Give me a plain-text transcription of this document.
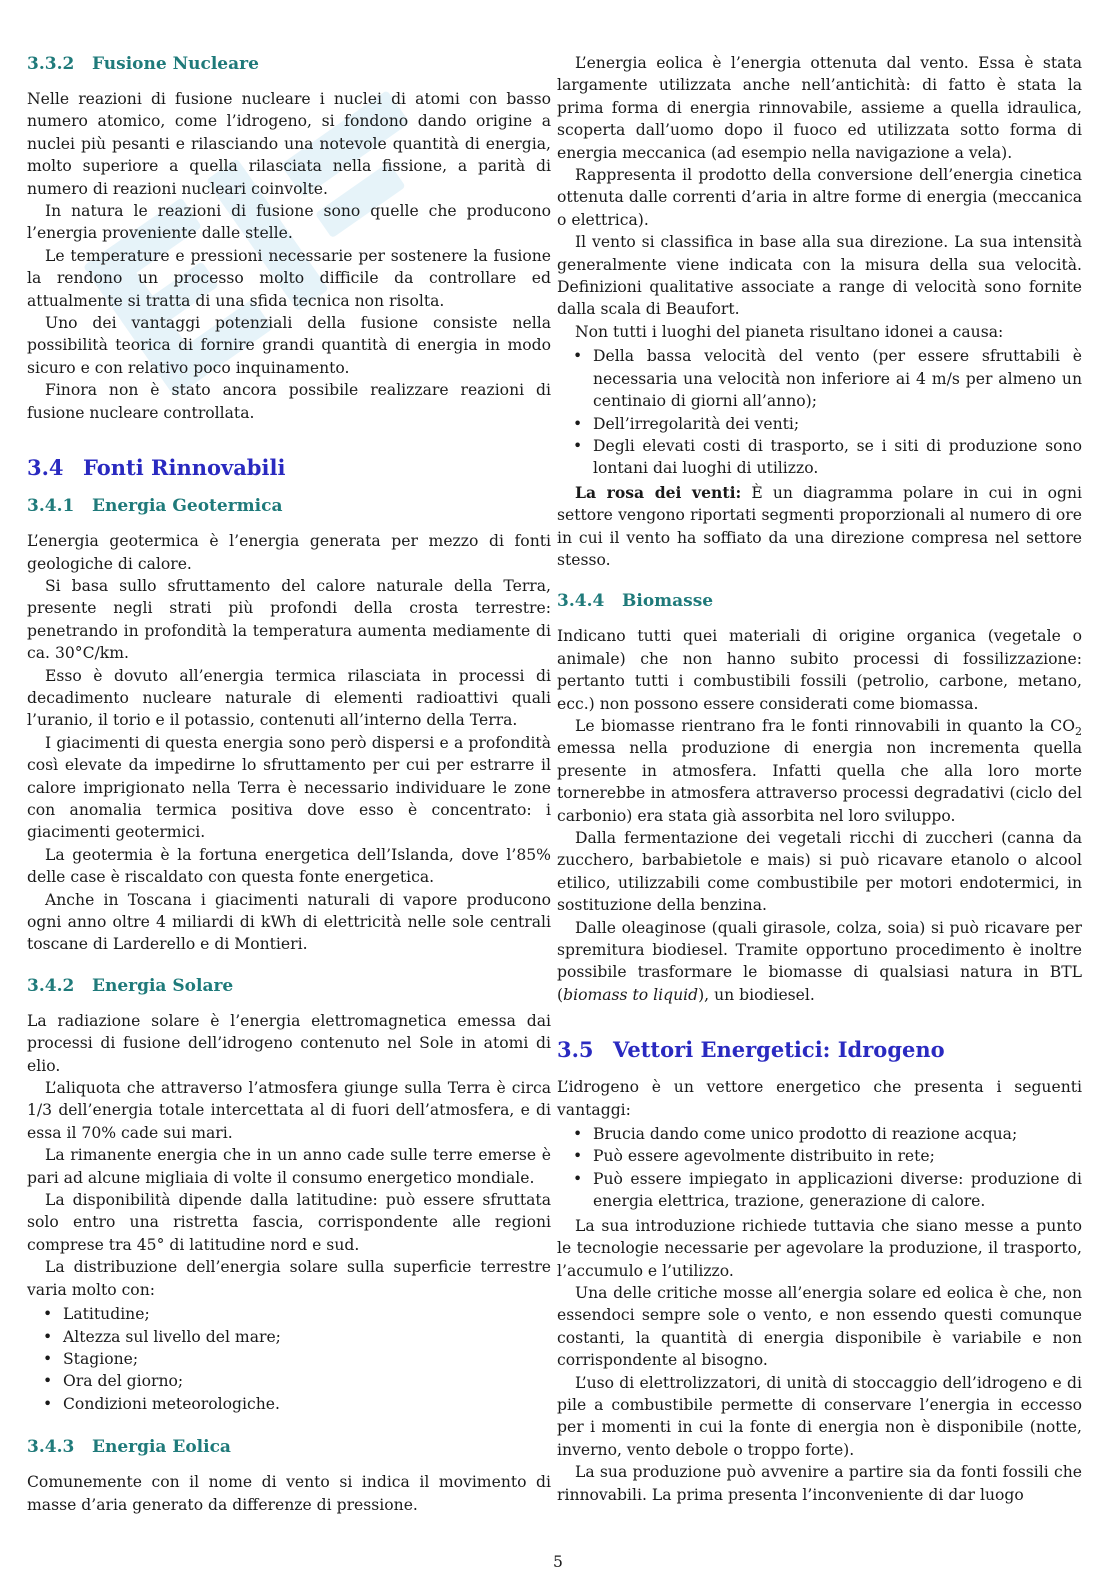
3.3.2 Fusione Nucleare

Nelle reazioni di fusione nucleare i nuclei di atomi con basso numero atomico, come l’idrogeno, si fondono dando origine a nuclei più pesanti e rilasciando una notevole quantità di energia, molto superiore a quella rilasciata nella fissione, a parità di numero di reazioni nucleari coinvolte.

In natura le reazioni di fusione sono quelle che producono l’energia proveniente dalle stelle.

Le temperature e pressioni necessarie per sostenere la fusione la rendono un processo molto difficile da controllare ed attualmente si tratta di una sfida tecnica non risolta.

Uno dei vantaggi potenziali della fusione consiste nella possibilità teorica di fornire grandi quantità di energia in modo sicuro e con relativo poco inquinamento.

Finora non è stato ancora possibile realizzare reazioni di fusione nucleare controllata.

3.4 Fonti Rinnovabili
3.4.1 Energia Geotermica

L’energia geotermica è l’energia generata per mezzo di fonti geologiche di calore.

Si basa sullo sfruttamento del calore naturale della Terra, presente negli strati più profondi della crosta terrestre: penetrando in profondità la temperatura aumenta mediamente di ca. 30°C/km.

Esso è dovuto all’energia termica rilasciata in processi di decadimento nucleare naturale di elementi radioattivi quali l’uranio, il torio e il potassio, contenuti all’interno della Terra.

I giacimenti di questa energia sono però dispersi e a profondità così elevate da impedirne lo sfruttamento per cui per estrarre il calore imprigionato nella Terra è necessario individuare le zone con anomalia termica positiva dove esso è concentrato: i giacimenti geotermici.

La geotermia è la fortuna energetica dell’Islanda, dove l’85% delle case è riscaldato con questa fonte energetica.

Anche in Toscana i giacimenti naturali di vapore producono ogni anno oltre 4 miliardi di kWh di elettricità nelle sole centrali toscane di Larderello e di Montieri.

3.4.2 Energia Solare

La radiazione solare è l’energia elettromagnetica emessa dai processi di fusione dell’idrogeno contenuto nel Sole in atomi di elio.

L’aliquota che attraverso l’atmosfera giunge sulla Terra è circa 1/3 dell’energia totale intercettata al di fuori dell’atmosfera, e di essa il 70% cade sui mari.

La rimanente energia che in un anno cade sulle terre emerse è pari ad alcune migliaia di volte il consumo energetico mondiale.

La disponibilità dipende dalla latitudine: può essere sfruttata solo entro una ristretta fascia, corrispondente alle regioni comprese tra 45° di latitudine nord e sud.

La distribuzione dell’energia solare sulla superficie terrestre varia molto con:

• Latitudine;
• Altezza sul livello del mare;
• Stagione;
• Ora del giorno;
• Condizioni meteorologiche.
3.4.3 Energia Eolica

Comunemente con il nome di vento si indica il movimento di masse d’aria generato da differenze di pressione.

L’energia eolica è l’energia ottenuta dal vento. Essa è stata largamente utilizzata anche nell’antichità: di fatto è stata la prima forma di energia rinnovabile, assieme a quella idraulica, scoperta dall’uomo dopo il fuoco ed utilizzata sotto forma di energia meccanica (ad esempio nella navigazione a vela).

Rappresenta il prodotto della conversione dell’energia cinetica ottenuta dalle correnti d’aria in altre forme di energia (meccanica o elettrica).

Il vento si classifica in base alla sua direzione. La sua intensità generalmente viene indicata con la misura della sua velocità. Definizioni qualitative associate a range di velocità sono fornite dalla scala di Beaufort.

Non tutti i luoghi del pianeta risultano idonei a causa:

• Della bassa velocità del vento (per essere sfruttabili è necessaria una velocità non inferiore ai 4 m/s per almeno un centinaio di giorni all’anno);
• Dell’irregolarità dei venti;
• Degli elevati costi di trasporto, se i siti di produzione sono lontani dai luoghi di utilizzo.

La rosa dei venti: È un diagramma polare in cui in ogni settore vengono riportati segmenti proporzionali al numero di ore in cui il vento ha soffiato da una direzione compresa nel settore stesso.

3.4.4 Biomasse

Indicano tutti quei materiali di origine organica (vegetale o animale) che non hanno subito processi di fossilizzazione: pertanto tutti i combustibili fossili (petrolio, carbone, metano, ecc.) non possono essere considerati come biomassa.

Le biomasse rientrano fra le fonti rinnovabili in quanto la $CO_2$ emessa nella produzione di energia non incrementa quella presente in atmosfera. Infatti quella che alla loro morte tornerebbe in atmosfera attraverso processi degradativi (ciclo del carbonio) era stata già assorbita nel loro sviluppo.

Dalla fermentazione dei vegetali ricchi di zuccheri (canna da zucchero, barbabietole e mais) si può ricavare etanolo o alcool etilico, utilizzabili come combustibile per motori endotermici, in sostituzione della benzina.

Dalle oleaginose (quali girasole, colza, soia) si può ricavare per spremitura biodiesel. Tramite opportuno procedimento è inoltre possibile trasformare le biomasse di qualsiasi natura in BTL (biomass to liquid), un biodiesel.

3.5 Vettori Energetici: Idrogeno

L’idrogeno è un vettore energetico che presenta i seguenti vantaggi:

• Brucia dando come unico prodotto di reazione acqua;
• Può essere agevolmente distribuito in rete;
• Può essere impiegato in applicazioni diverse: produzione di energia elettrica, trazione, generazione di calore.

La sua introduzione richiede tuttavia che siano messe a punto le tecnologie necessarie per agevolare la produzione, il trasporto, l’accumulo e l’utilizzo.

Una delle critiche mosse all’energia solare ed eolica è che, non essendoci sempre sole o vento, e non essendo questi comunque costanti, la quantità di energia disponibile è variabile e non corrispondente al bisogno.

L’uso di elettrolizzatori, di unità di stoccaggio dell’idrogeno e di pile a combustibile permette di conservare l’energia in eccesso per i momenti in cui la fonte di energia non è disponibile (notte, inverno, vento debole o troppo forte).

La sua produzione può avvenire a partire sia da fonti fossili che rinnovabili. La prima presenta l’inconveniente di dar luogo

5
